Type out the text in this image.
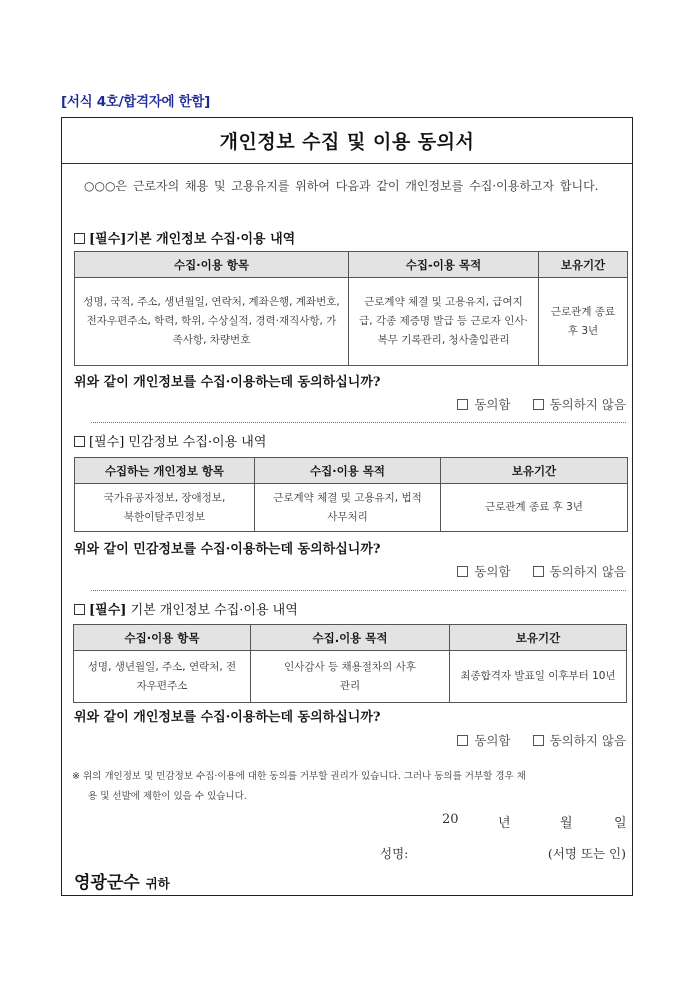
[서식 4호/합격자에 한함]
개인정보 수집 및 이용 동의서
○○○은 근로자의 채용 및 고용유지를 위하여 다음과 같이 개인정보를 수집·이용하고자 합니다.
[필수]기본 개인정보 수집·이용 내역
수집·이용 항목	수집-이용 목적	보유기간
성명, 국적, 주소, 생년월일, 연락처, 계좌은행, 계좌번호, 전자우편주소, 학력, 학위, 수상실적, 경력·재직사항, 가족사항, 차량번호	근로계약 체결 및 고용유지, 급여지급, 각종 제증명 발급 등 근로자 인사·복무 기록관리, 청사출입관리	근로관계 종료 후 3년
위와 같이 개인정보를 수집·이용하는데 동의하십니까?
동의함	동의하지 않음
[필수] 민감정보 수집·이용 내역
수집하는 개인정보 항목	수집·이용 목적	보유기간
국가유공자정보, 장애정보, 북한이탈주민정보	근로계약 체결 및 고용유지, 법적사무처리	근로관계 종료 후 3년
위와 같이 민감정보를 수집·이용하는데 동의하십니까?
동의함	동의하지 않음
[필수] 기본 개인정보 수집·이용 내역
수집·이용 항목	수집.이용 목적	보유기간
성명, 생년월일, 주소, 연락처, 전자우편주소	인사감사 등 채용절차의 사후관리	최종합격자 발표일 이후부터 10년
위와 같이 개인정보를 수집·이용하는데 동의하십니까?
동의함	동의하지 않음
※ 위의 개인정보 및 민감정보 수집·이용에 대한 동의를 거부할 권리가 있습니다. 그러나 동의를 거부할 경우 채
용 및 선발에 제한이 있을 수 있습니다.
20	년	월	일
성명:	(서명 또는 인)
영광군수 귀하
